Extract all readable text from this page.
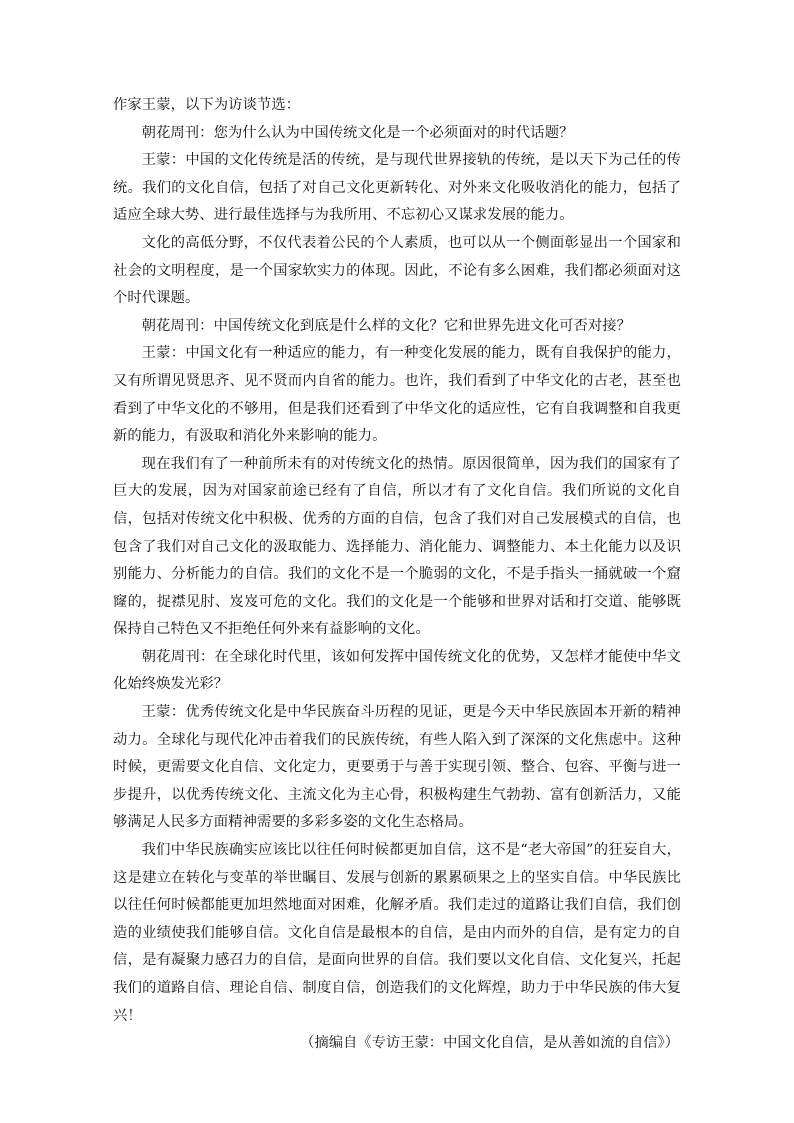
作家王蒙，以下为访谈节选：

朝花周刊：您为什么认为中国传统文化是一个必须面对的时代话题？

王蒙：中国的文化传统是活的传统，是与现代世界接轨的传统，是以天下为己任的传统。我们的文化自信，包括了对自己文化更新转化、对外来文化吸收消化的能力，包括了适应全球大势、进行最佳选择与为我所用、不忘初心又谋求发展的能力。

文化的高低分野，不仅代表着公民的个人素质，也可以从一个侧面彰显出一个国家和社会的文明程度，是一个国家软实力的体现。因此，不论有多么困难，我们都必须面对这个时代课题。

朝花周刊：中国传统文化到底是什么样的文化？它和世界先进文化可否对接？

王蒙：中国文化有一种适应的能力，有一种变化发展的能力，既有自我保护的能力，又有所谓见贤思齐、见不贤而内自省的能力。也许，我们看到了中华文化的古老，甚至也看到了中华文化的不够用，但是我们还看到了中华文化的适应性，它有自我调整和自我更新的能力，有汲取和消化外来影响的能力。

现在我们有了一种前所未有的对传统文化的热情。原因很简单，因为我们的国家有了巨大的发展，因为对国家前途已经有了自信，所以才有了文化自信。我们所说的文化自信，包括对传统文化中积极、优秀的方面的自信，包含了我们对自己发展模式的自信，也包含了我们对自己文化的汲取能力、选择能力、消化能力、调整能力、本土化能力以及识别能力、分析能力的自信。我们的文化不是一个脆弱的文化，不是手指头一捅就破一个窟窿的，捉襟见肘、岌岌可危的文化。我们的文化是一个能够和世界对话和打交道、能够既保持自己特色又不拒绝任何外来有益影响的文化。

朝花周刊：在全球化时代里，该如何发挥中国传统文化的优势，又怎样才能使中华文化始终焕发光彩？

王蒙：优秀传统文化是中华民族奋斗历程的见证，更是今天中华民族固本开新的精神动力。全球化与现代化冲击着我们的民族传统，有些人陷入到了深深的文化焦虑中。这种时候，更需要文化自信、文化定力，更要勇于与善于实现引领、整合、包容、平衡与进一步提升，以优秀传统文化、主流文化为主心骨，积极构建生气勃勃、富有创新活力，又能够满足人民多方面精神需要的多彩多姿的文化生态格局。

我们中华民族确实应该比以往任何时候都更加自信，这不是“老大帝国”的狂妄自大，这是建立在转化与变革的举世瞩目、发展与创新的累累硕果之上的坚实自信。中华民族比以往任何时候都能更加坦然地面对困难，化解矛盾。我们走过的道路让我们自信，我们创造的业绩使我们能够自信。文化自信是最根本的自信，是由内而外的自信，是有定力的自信，是有凝聚力感召力的自信，是面向世界的自信。我们要以文化自信、文化复兴，托起我们的道路自信、理论自信、制度自信，创造我们的文化辉煌，助力于中华民族的伟大复兴！

（摘编自《专访王蒙：中国文化自信，是从善如流的自信》）
